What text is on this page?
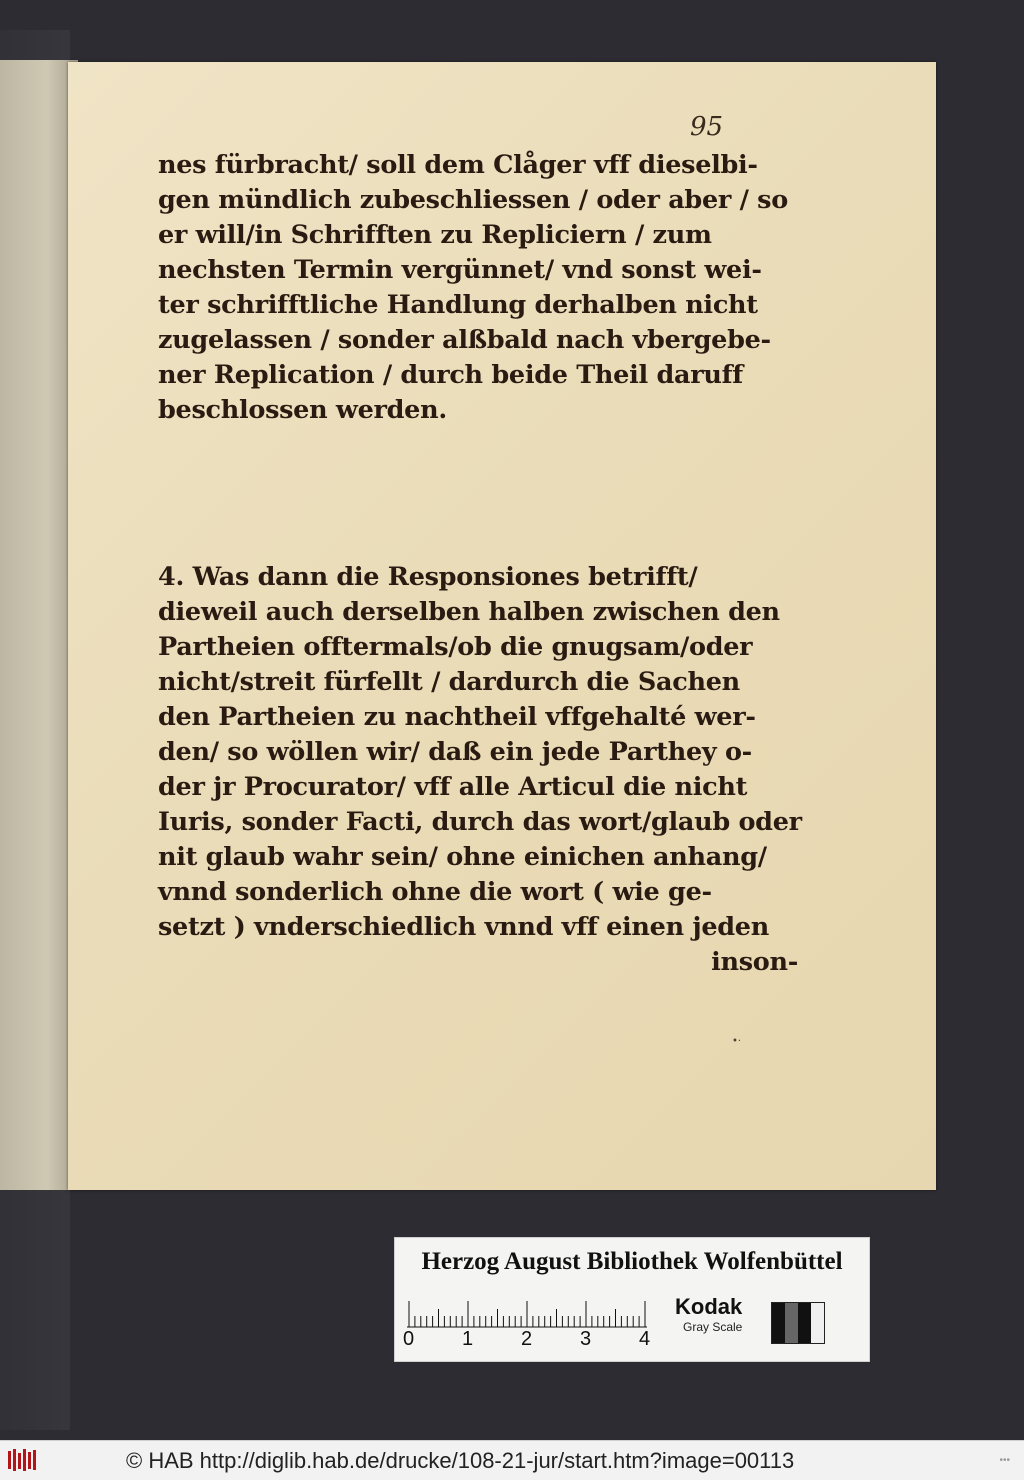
95
nes fürbracht/ soll dem Clåger vff dieselbi-
gen mündlich zubeschliessen / oder aber / so
er will/in Schrifften zu Repliciern / zum
nechsten Termin vergünnet/ vnd sonst wei-
ter schrifftliche Handlung derhalben nicht
zugelassen / sonder alßbald nach vbergebe-
ner Replication / durch beide Theil daruff
beschlossen werden.
4. Was dann die Responsiones betrifft/
dieweil auch derselben halben zwischen den
Partheien offtermals/ob die gnugsam/oder
nicht/streit fürfellt / dardurch die Sachen
den Partheien zu nachtheil vffgehalté wer-
den/ so wöllen wir/ daß ein jede Parthey o-
der jr Procurator/ vff alle Articul die nicht
Iuris, sonder Facti, durch das wort/glaub oder
nit glaub wahr sein/ ohne einichen anhang/
vnnd sonderlich ohne die wort ( wie ge-
setzt ) vnderschiedlich vnnd vff einen jeden
inson-
•·
Herzog August Bibliothek Wolfenbüttel
0 1 2 3 4
Kodak
Gray Scale
© HAB http://diglib.hab.de/drucke/108-21-jur/start.htm?image=00113	•••
